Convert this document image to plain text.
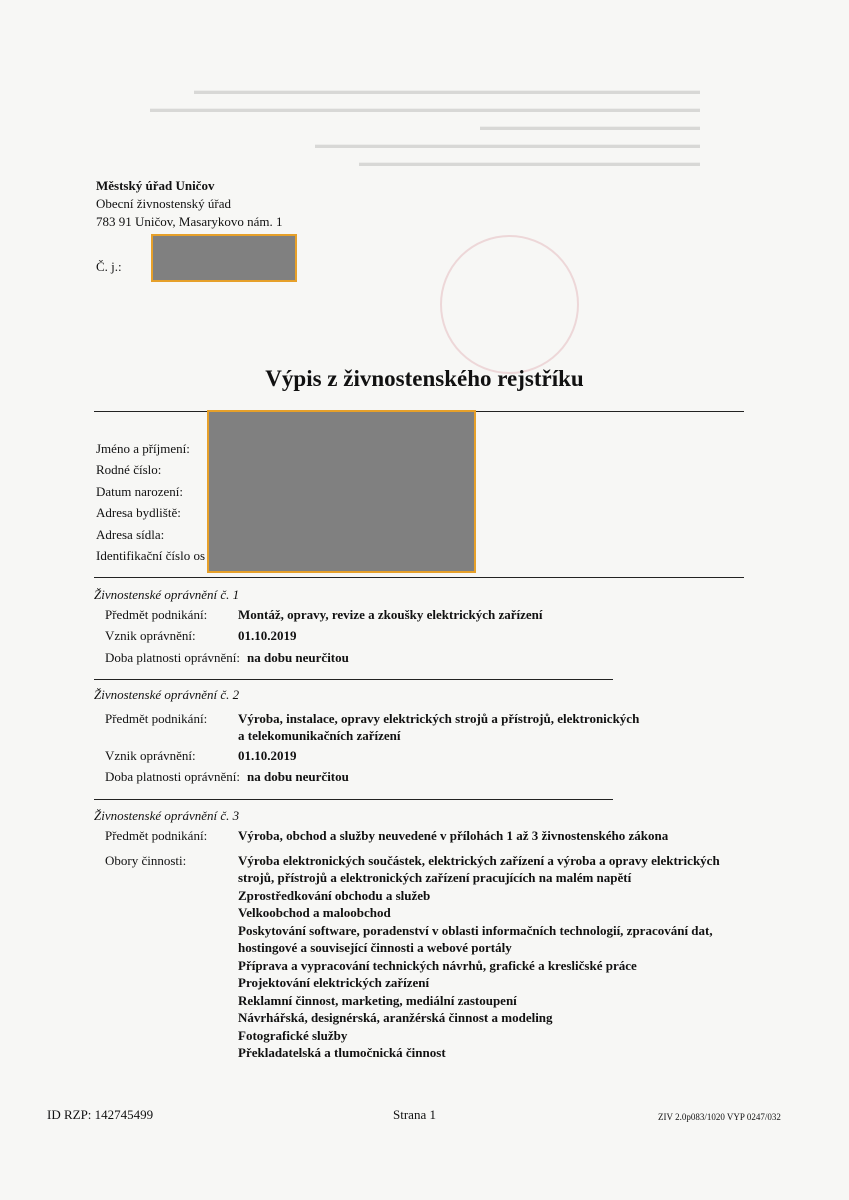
▬▬▬▬▬▬▬▬▬▬▬▬▬▬▬▬▬▬▬▬▬▬▬▬▬▬▬▬▬▬▬▬▬▬▬▬▬▬▬▬▬▬▬▬▬▬
▬▬▬▬▬▬▬▬▬▬▬▬▬▬▬▬▬▬▬▬▬▬▬▬▬▬▬▬▬▬▬▬▬▬▬▬▬▬▬▬▬▬▬▬▬▬▬▬▬▬
▬▬▬▬▬▬▬▬▬▬▬▬▬▬▬▬▬▬▬▬
▬▬▬▬▬▬▬▬▬▬▬▬▬▬▬▬▬▬▬▬▬▬▬▬▬▬▬▬▬▬▬▬▬▬▬
▬▬▬▬▬▬▬▬▬▬▬▬▬▬▬▬▬▬▬▬▬▬▬▬▬▬▬▬▬▬▬
Městský úřad Uničov
Obecní živnostenský úřad
783 91 Uničov, Masarykovo nám. 1
Č. j.:
Výpis z živnostenského rejstříku
Jméno a příjmení:
Rodné číslo:
Datum narození:
Adresa bydliště:
Adresa sídla:
Identifikační číslo os
Živnostenské oprávnění č. 1
Předmět podnikání: Montáž, opravy, revize a zkoušky elektrických zařízení
Vznik oprávnění:	01.10.2019
Doba platnosti oprávnění: na dobu neurčitou
Živnostenské oprávnění č. 2
Předmět podnikání: Výroba, instalace, opravy elektrických strojů a přístrojů, elektronických
a telekomunikačních zařízení
Vznik oprávnění:	01.10.2019
Doba platnosti oprávnění: na dobu neurčitou
Živnostenské oprávnění č. 3
Předmět podnikání: Výroba, obchod a služby neuvedené v přílohách 1 až 3 živnostenského zákona
Obory činnosti:	Výroba elektronických součástek, elektrických zařízení a výroba a opravy elektrických
strojů, přístrojů a elektronických zařízení pracujících na malém napětí
Zprostředkování obchodu a služeb
Velkoobchod a maloobchod
Poskytování software, poradenství v oblasti informačních technologií, zpracování dat,
hostingové a související činnosti a webové portály
Příprava a vypracování technických návrhů, grafické a kresličské práce
Projektování elektrických zařízení
Reklamní činnost, marketing, mediální zastoupení
Návrhářská, designérská, aranžérská činnost a modeling
Fotografické služby
Překladatelská a tlumočnická činnost
ID RZP: 142745499	Strana 1	ZIV 2.0p083/1020 VYP 0247/032
